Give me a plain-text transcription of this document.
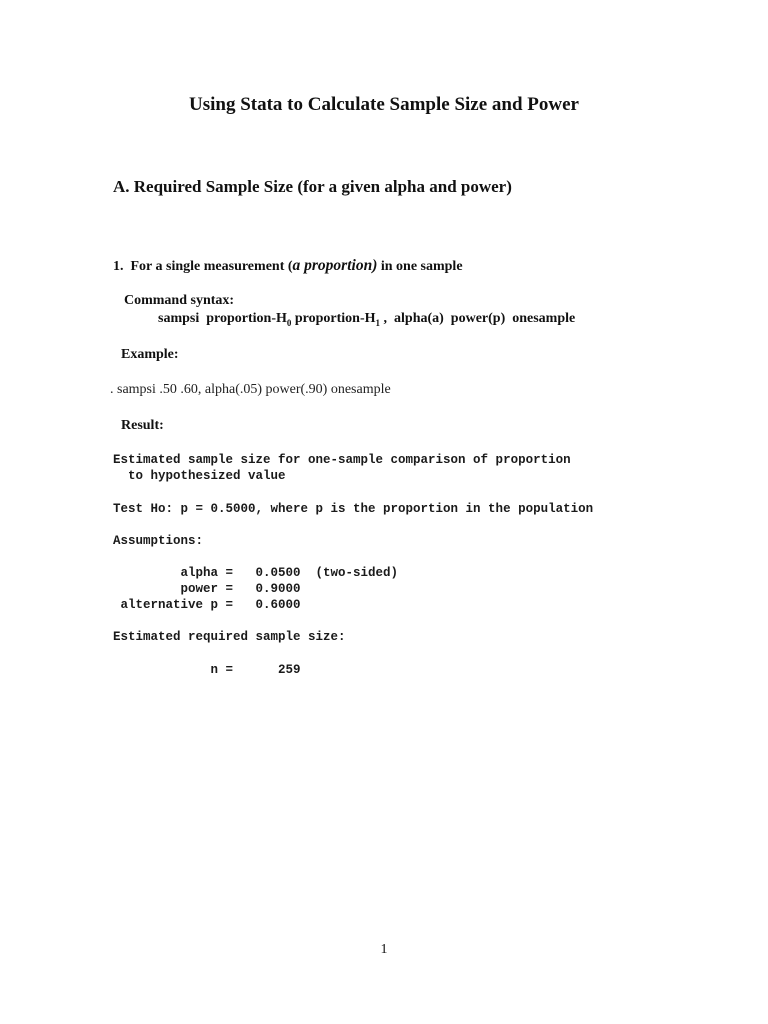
Using Stata to Calculate Sample Size and Power
A. Required Sample Size (for a given alpha and power)
1.  For a single measurement (a proportion) in one sample
Command syntax:
sampsi  proportion-$H_0$ proportion-$H_1$ ,  alpha(a)  power(p)  onesample
Example:
. sampsi .50 .60, alpha(.05) power(.90) onesample
Result:
Estimated sample size for one-sample comparison of proportion
to hypothesized value
Test Ho: p = 0.5000, where p is the proportion in the population
Assumptions:
alpha =   0.0500  (two-sided)
power =   0.9000
alternative p =   0.6000
Estimated required sample size:
n =      259
1
